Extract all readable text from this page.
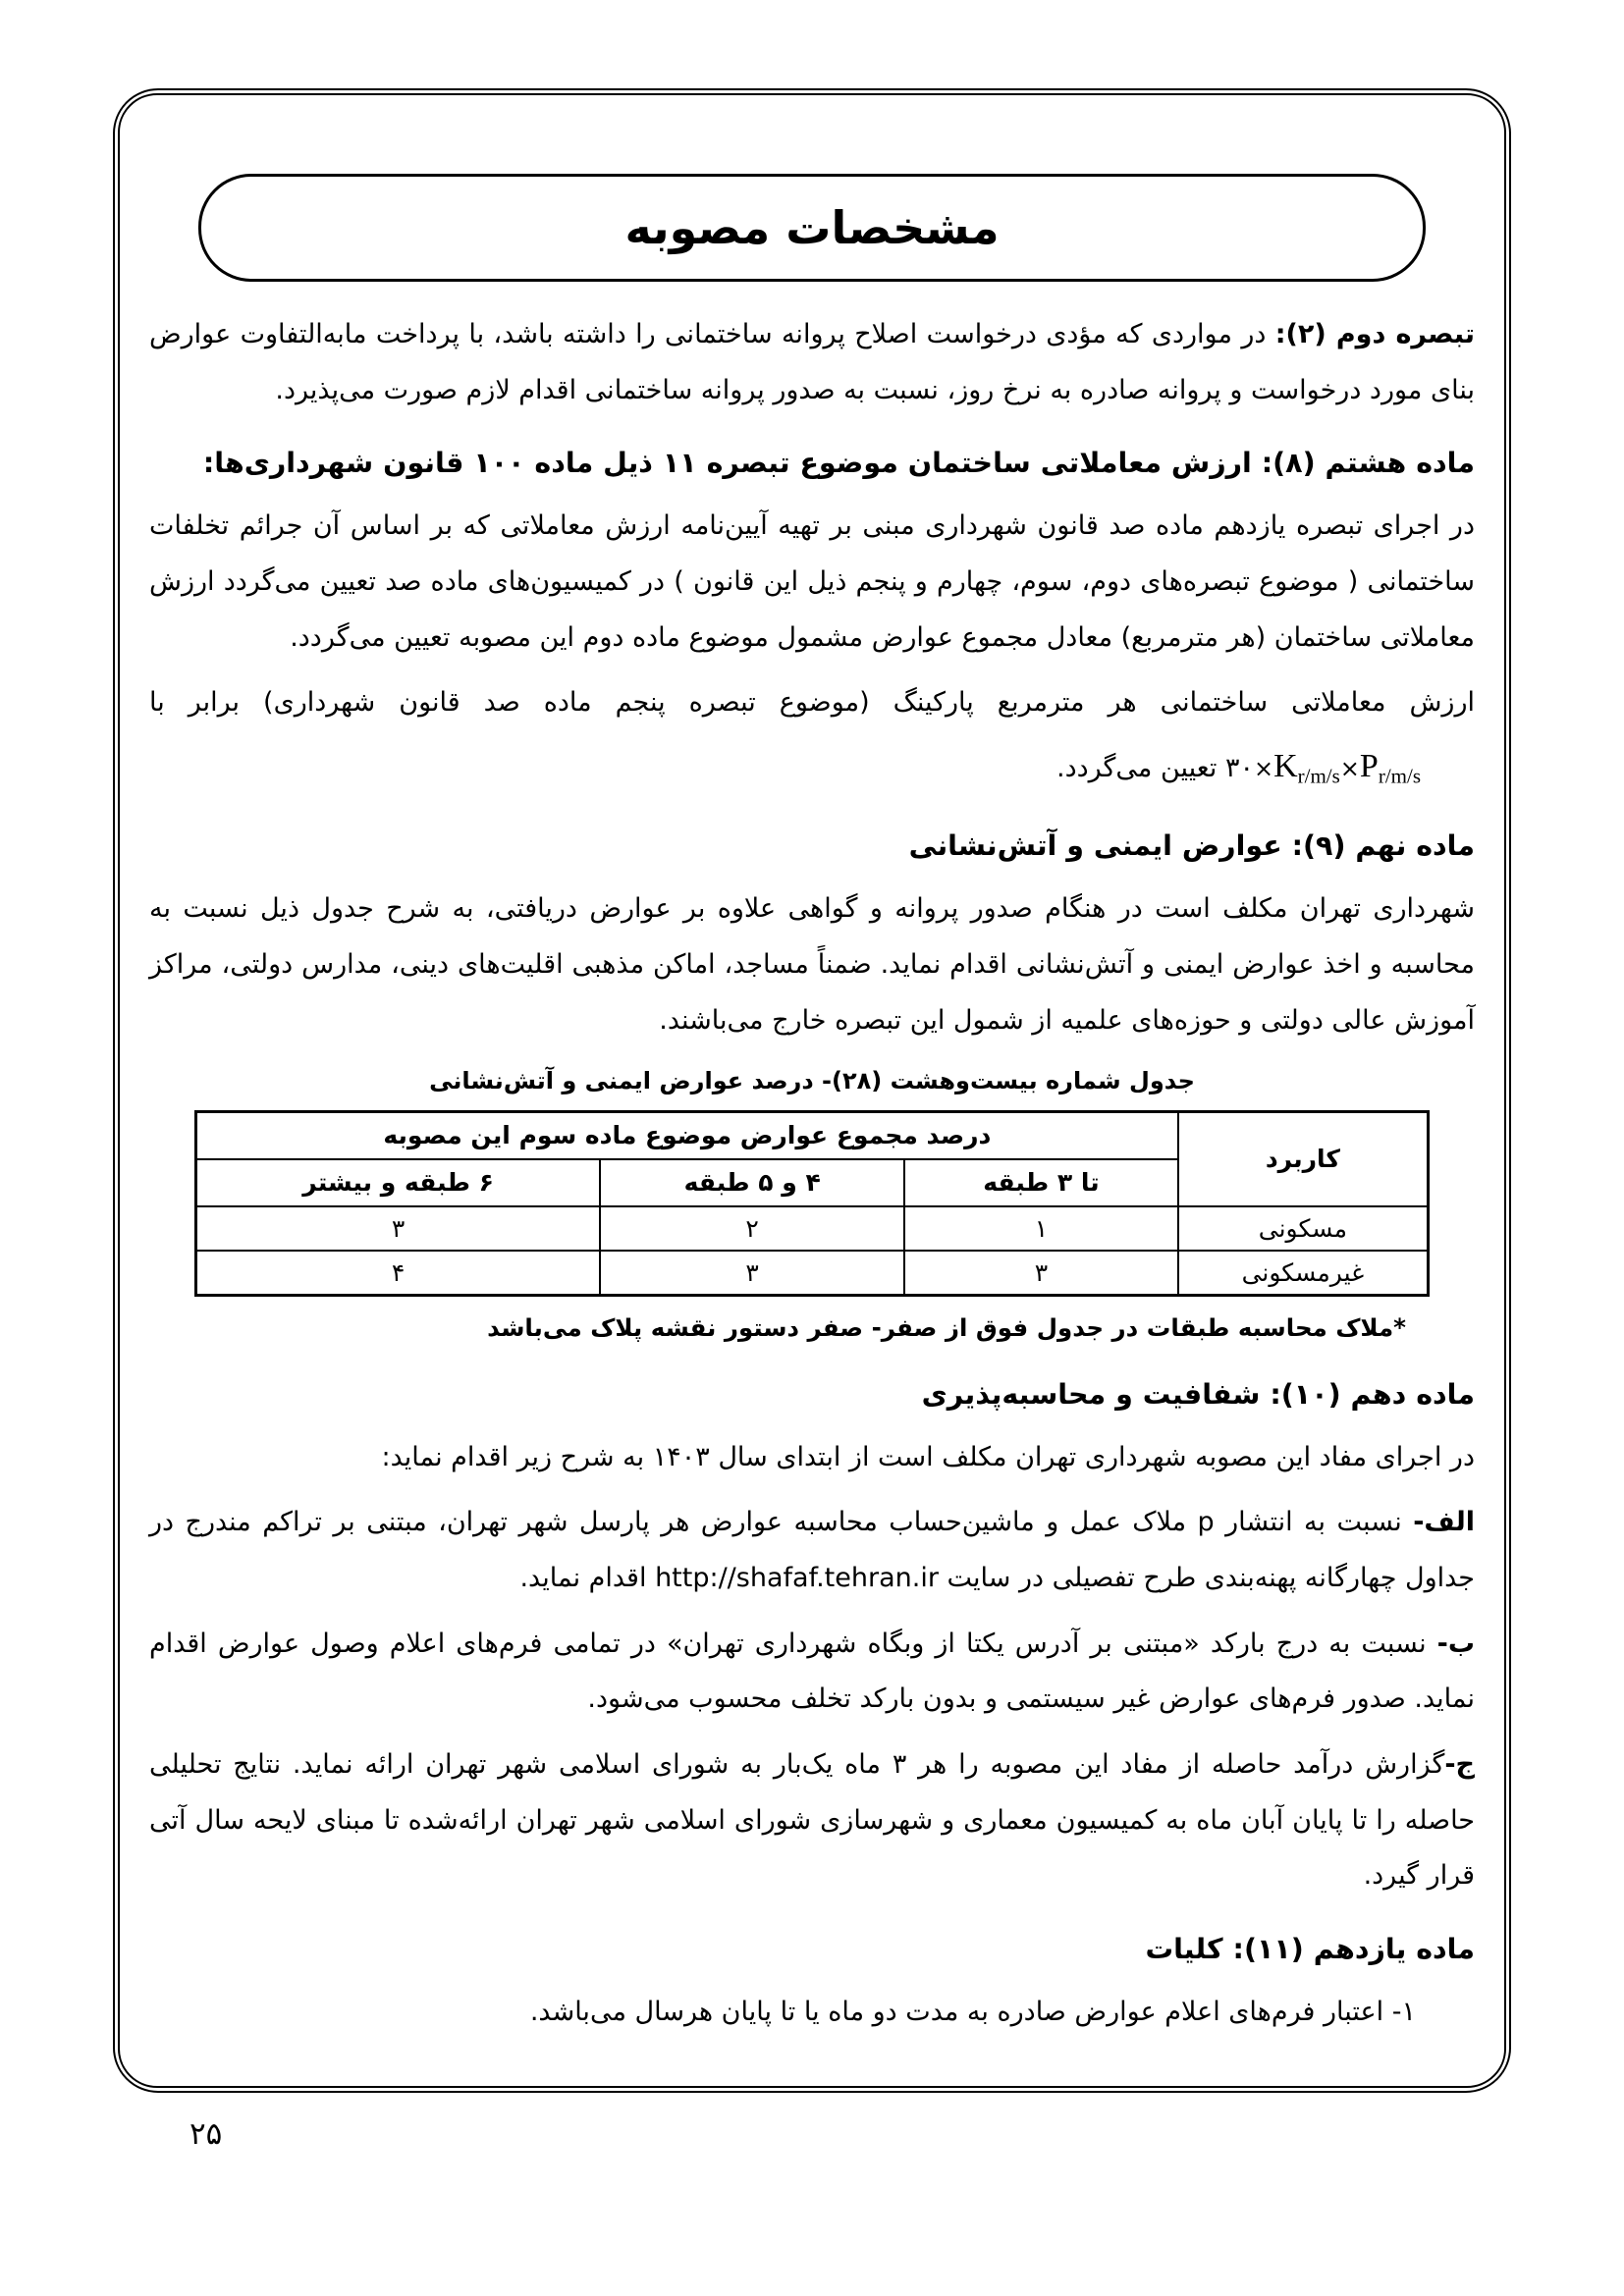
مشخصات مصوبه

تبصره دوم (۲): در مواردی که مؤدی درخواست اصلاح پروانه ساختمانی را داشته باشد، با پرداخت مابه‌التفاوت عوارض بنای مورد درخواست و پروانه صادره به نرخ روز، نسبت به صدور پروانه ساختمانی اقدام لازم صورت می‌پذیرد.

ماده هشتم (۸): ارزش معاملاتی ساختمان موضوع تبصره ۱۱ ذیل ماده ۱۰۰ قانون شهرداری‌ها:

در اجرای تبصره یازدهم ماده صد قانون شهرداری مبنی بر تهیه آیین‌نامه ارزش معاملاتی که بر اساس آن جرائم تخلفات ساختمانی ( موضوع تبصره‌های دوم، سوم، چهارم و پنجم ذیل این قانون ) در کمیسیون‌های ماده صد تعیین می‌گردد ارزش معاملاتی ساختمان (هر مترمربع) معادل مجموع عوارض مشمول موضوع ماده دوم این مصوبه تعیین می‌گردد.

ارزش معاملاتی ساختمانی هر مترمربع پارکینگ (موضوع تبصره پنجم ماده صد قانون شهرداری) برابر با
$۳۰\times K_{r/m/s}\times P_{r/m/s}$ تعیین می‌گردد.
ماده نهم (۹): عوارض ایمنی و آتش‌نشانی

شهرداری تهران مکلف است در هنگام صدور پروانه و گواهی علاوه بر عوارض دریافتی، به شرح جدول ذیل نسبت به محاسبه و اخذ عوارض ایمنی و آتش‌نشانی اقدام نماید. ضمناً مساجد، اماکن مذهبی اقلیت‌های دینی، مدارس دولتی، مراکز آموزش عالی دولتی و حوزه‌های علمیه از شمول این تبصره خارج می‌باشند.

جدول شماره بیست‌وهشت (۲۸)- درصد عوارض ایمنی و آتش‌نشانی
کاربرد	درصد مجموع عوارض موضوع ماده سوم این مصوبه		
	تا ۳ طبقه	۴ و ۵ طبقه	۶ طبقه و بیشتر
مسکونی	۱	۲	۳
غیرمسکونی	۳	۳	۴
*ملاک محاسبه طبقات در جدول فوق از صفر- صفر دستور نقشه پلاک می‌باشد
ماده دهم (۱۰): شفافیت و محاسبه‌پذیری

در اجرای مفاد این مصوبه شهرداری تهران مکلف است از ابتدای سال ۱۴۰۳ به شرح زیر اقدام نماید:

الف- نسبت به انتشار p ملاک عمل و ماشین‌حساب محاسبه عوارض هر پارسل شهر تهران، مبتنی بر تراکم مندرج در جداول چهارگانه پهنه‌بندی طرح تفصیلی در سایت http://shafaf.tehran.ir اقدام نماید.

ب- نسبت به درج بارکد «مبتنی بر آدرس یکتا از وبگاه شهرداری تهران» در تمامی فرم‌های اعلام وصول عوارض اقدام نماید. صدور فرم‌های عوارض غیر سیستمی و بدون بارکد تخلف محسوب می‌شود.

ج-گزارش درآمد حاصله از مفاد این مصوبه را هر ۳ ماه یک‌بار به شورای اسلامی شهر تهران ارائه نماید. نتایج تحلیلی حاصله را تا پایان آبان ماه به کمیسیون معماری و شهرسازی شورای اسلامی شهر تهران ارائه‌شده تا مبنای لایحه سال آتی قرار گیرد.

ماده یازدهم (۱۱): کلیات

۱- اعتبار فرم‌های اعلام عوارض صادره به مدت دو ماه یا تا پایان هرسال می‌باشد.

۲۵
